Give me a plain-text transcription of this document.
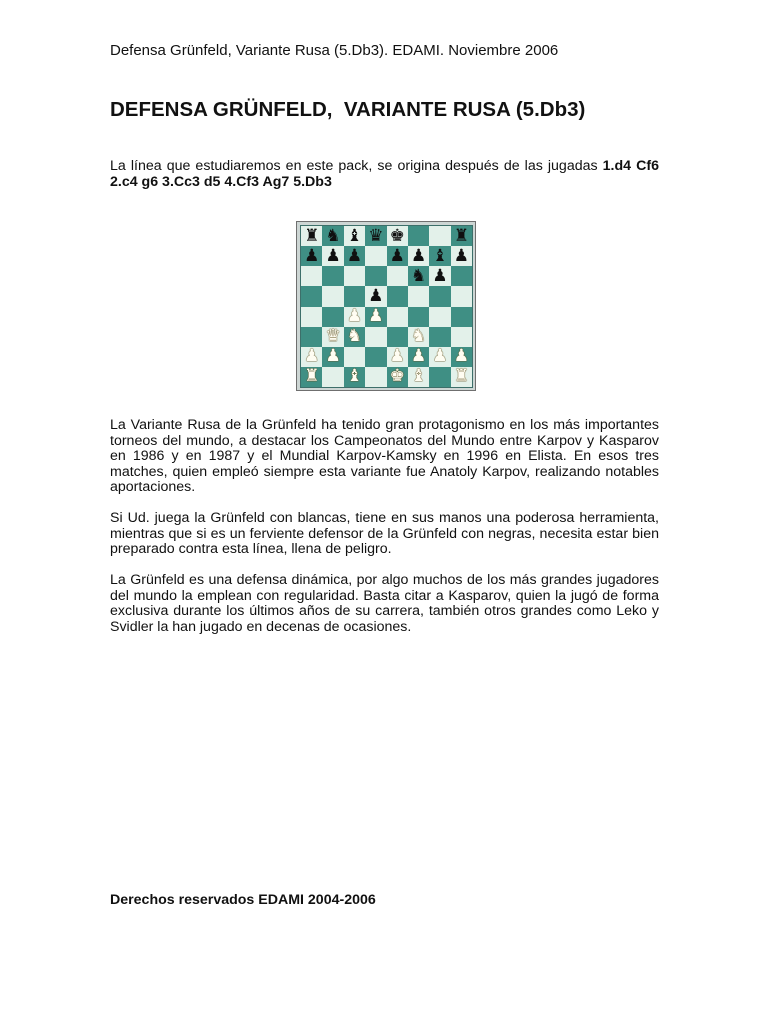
Defensa Grünfeld, Variante Rusa (5.Db3). EDAMI. Noviembre 2006
DEFENSA GRÜNFELD,  VARIANTE RUSA (5.Db3)

La línea que estudiaremos en este pack, se origina después de las jugadas 1.d4 Cf6 2.c4 g6 3.Cc3 d5 4.Cf3 Ag7 5.Db3

♜ ♞ ♝ ♛ ♚	♜
♟ ♟ ♟ ♟ ♟ ♝ ♟
♞ ♟
♟
♟ ♟
♛ ♞	♞
♟ ♟	♟ ♟ ♟ ♟
♜ ♝ ♚ ♝ ♜

La Variante Rusa de la Grünfeld ha tenido gran protagonismo en los más importantes torneos del mundo, a destacar los Campeonatos del Mundo entre Karpov y Kasparov en 1986 y en 1987 y el Mundial Karpov-Kamsky en 1996 en Elista. En esos tres matches, quien empleó siempre esta variante fue Anatoly Karpov, realizando notables aportaciones.

Si Ud. juega la Grünfeld con blancas, tiene en sus manos una poderosa herramienta, mientras que si es un ferviente defensor de la Grünfeld con negras, necesita estar bien preparado contra esta línea, llena de peligro.

La Grünfeld es una defensa dinámica, por algo muchos de los más grandes jugadores del mundo la emplean con regularidad. Basta citar a Kasparov, quien la jugó de forma exclusiva durante los últimos años de su carrera, también otros grandes como Leko y Svidler la han jugado en decenas de ocasiones.

Derechos reservados EDAMI 2004-2006
